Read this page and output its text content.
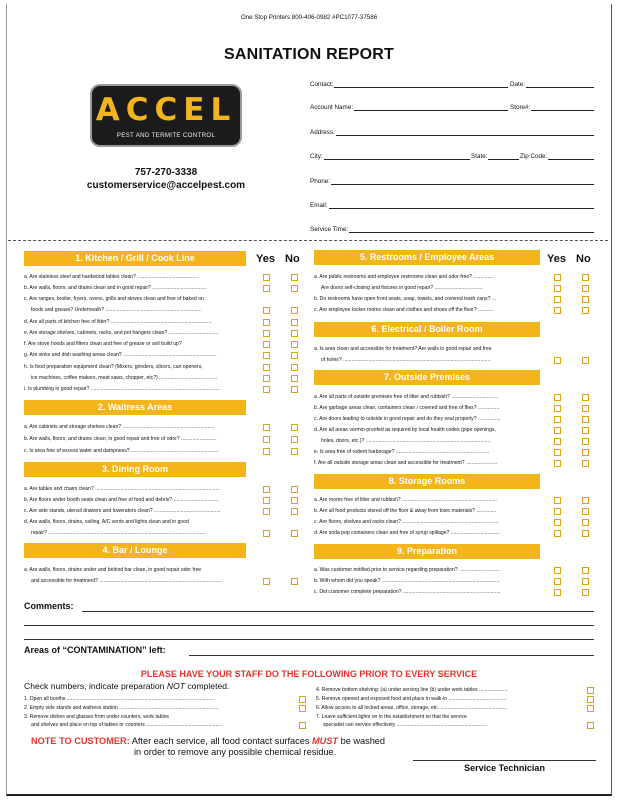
One Stop Printers 800-406-0982 #PC1077-37586
SANITATION REPORT
ACCEL
PEST AND TERMITE CONTROL
757-270-3338
customerservice@accelpest.com
Contact:	Date:
Account Name:	Store#:
Address:
City:	State:	Zip Code:
Phone:
Email:
Service Time:
Yes No	Yes No
1. Kitchen / Grill / Cook Line
a. Are stainless steel and hardwood tables clean? ...........................................
b. Are walls, floors, and drains clean and in good repair? ......................................
c. Are ranges, broiler, fryers, ovens, grills and stoves clean and free of baked on
foods and grease? Underneath? ....................................................................
d. Are all parts of kitchen free of litter? .......................................................................
e. Are storage shelves, cabinets, racks, and pot hangers clean? ...................................
f. Are stove hoods and filters clean and free of grease or soil build up?
g. Are sinks and dish washing areas clean? ..................................................................
h. Is food preparation equipment clean? (Mixers, grinders, slicers, can openers,
ice machines, coffee makers, meat saws, chopper, etc?) .........................................
i. Is plumbing in good repair? ...........................................................................................
2. Waitress Areas
a. Are cabinets and storage shelves clean? .................................................................
b. Are walls, floors, and drains clean, in good repair and free of odor? .........................
c. Is area free of excess water and dampness? ..............................................................
3. Dining Room
a. Are tables and chairs clean? ........................................................................................
b. Are floors under booth seats clean and free of food and debris? ................................
c. Are side stands, utensil drawers and lowerators clean? ...............................................
d. Are walls, floors, drains, ceiling, A/C vents and lights clean and in good
repair? ...............................................................................................................
4. Bar / Lounge
a. Are walls, floors, drains under and behind bar clean, in good repair odor free
and accessible for treatment? .......................................................................................
5. Restrooms / Employee Areas
a. Are public restrooms and employee restrooms clean and odor-free? ..............
Are doors self-closing and fixtures in good repair? ..................................
b. Do restrooms have open front seats, soap, towels, and covered trash cans? ...
c. Are employee locker rooms clean and clothes and shoes off the floor? ...........
6. Electrical / Boiler Room
a. Is area clean and accessible for treatment? Are walls in good repair and free
of holes? ........................................................................................................
7. Outside Premises
a. Are all parts of outside premises free of litter and rubbish? .................................
b. Are garbage areas clean, containers clean / covered and free of flies? ...............
c. Are doors leading to outside in good repair and do they seal properly? ................
d. Are all areas vermin-proofed as required by local health codes (pipe openings,
holes, doors, etc.)? ........................................................................................
e. Is area free of rodent harborage? ..................................................................
f. Are all outside storage areas clean and accessible for treatment? ......................
8. Storage Rooms
a. Are rooms free of litter and rubbish? ...................................................................
b. Are all food products stored off the floor & away from toxic materials? ..............
c. Are floors, shelves and racks clean? ....................................................................
d. Are soda pop containers clean and free of syrup spillage? ...................................
9. Preparation
a. Was customer notified prior to service regarding preparation? .............................
b. With whom did you speak? ...................................................................................
c. Did customer complete preparation? .....................................................................
Comments:
Areas of “CONTAMINATION” left:
PLEASE HAVE YOUR STAFF DO THE FOLLOWING PRIOR TO EVERY SERVICE
Check numbers, indicate preparation NOT completed.
1. Open all booths ........................................................................................................
2. Empty side stands and waitress station ......................................................................
3. Remove dishes and glasses from under counters, work tables
and shelves and place on top of tables or counters ......................................................
4. Remove bottom shelving: (a) under serving line (b) under work tables ....................
5. Remove opened and exposed food and place in walk-in .........................................
6. Allow access to all locked areas, office, storage, etc. ...............................................
7. Leave sufficient lights on in the establishment so that the service
specialist can service effectively ................................................................
NOTE TO CUSTOMER: After each service, all food contact surfaces MUST be washed
in order to remove any possible chemical residue.
Service Technician
